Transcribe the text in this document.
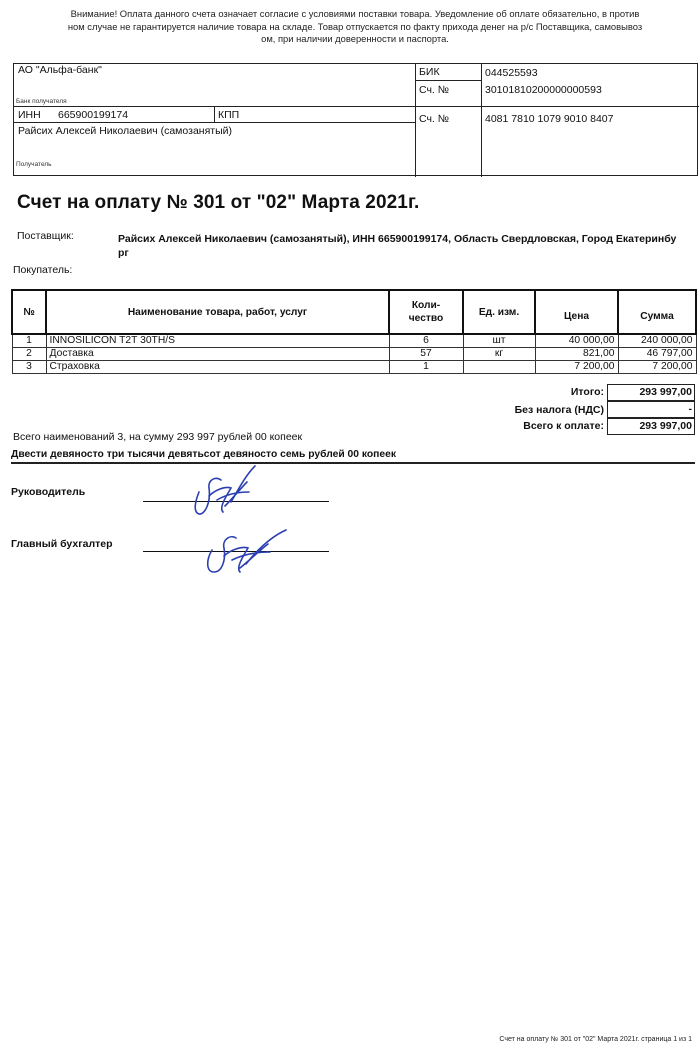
Внимание! Оплата данного счета означает согласие с условиями поставки товара. Уведомление об оплате обязательно, в против
ном случае не гарантируется наличие товара на складе. Товар отпускается по факту прихода денег на р/с Поставщика, самовывоз
ом, при наличии доверенности и паспорта.
АО "Альфа-банк"
Банк получателя
БИК	044525593
Сч. №	30101810200000000593
ИНН 665900199174	КПП
Райсих Алексей Николаевич (самозанятый)
Получатель
Сч. №	4081 7810 1079 9010 8407
Счет на оплату № 301 от "02" Марта 2021г.
Поставщик:	Райсих Алексей Николаевич (самозанятый), ИНН 665900199174, Область Свердловская, Город Екатеринбу
рг
Покупатель:
№	Наименование товара, работ, услуг	Коли-
чество	Ед. изм.	Цена	Сумма
1	INNOSILICON T2T 30TH/S	6	шт	40 000,00	240 000,00
2	Доставка	57	кг	821,00	46 797,00
3	Страховка	1		7 200,00	7 200,00
Итого:	293 997,00
Без налога (НДС)	-
Всего к оплате:	293 997,00
Всего наименований 3, на сумму 293 997 рублей 00 копеек
Двести девяносто три тысячи девятьсот девяносто семь рублей 00 копеек
Руководитель
Главный бухгалтер
Счет на оплату № 301 от "02" Марта 2021г. страница 1 из 1
